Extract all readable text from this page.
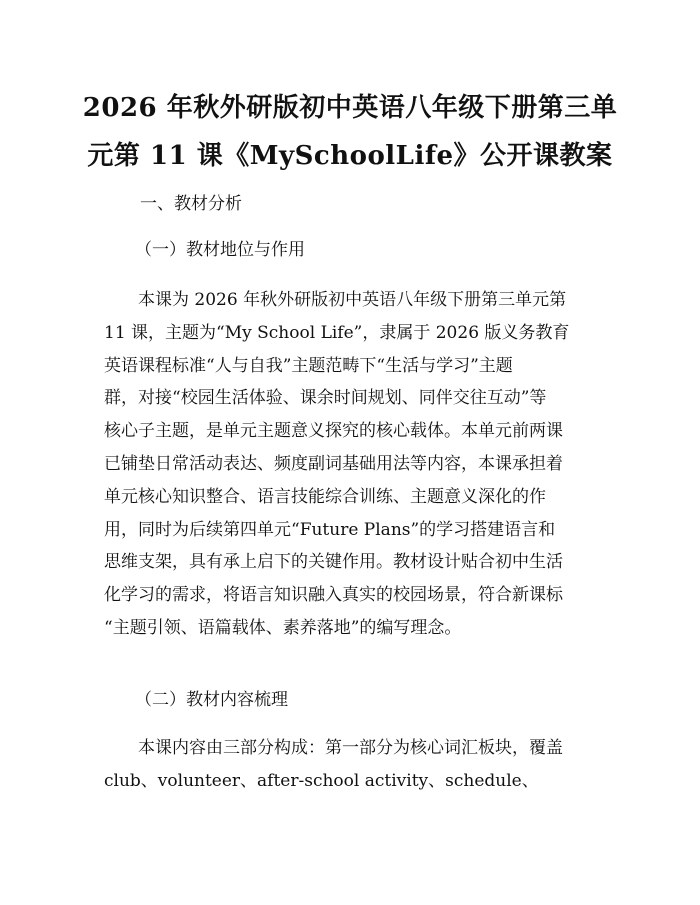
2026 年秋外研版初中英语八年级下册第三单
元第 11 课《MySchoolLife》公开课教案
一、教材分析
（一）教材地位与作用
　　本课为 2026 年秋外研版初中英语八年级下册第三单元第
11 课，主题为“My School Life”，隶属于 2026 版义务教育
英语课程标准“人与自我”主题范畴下“生活与学习”主题
群，对接“校园生活体验、课余时间规划、同伴交往互动”等
核心子主题，是单元主题意义探究的核心载体。本单元前两课
已铺垫日常活动表达、频度副词基础用法等内容，本课承担着
单元核心知识整合、语言技能综合训练、主题意义深化的作
用，同时为后续第四单元“Future Plans”的学习搭建语言和
思维支架，具有承上启下的关键作用。教材设计贴合初中生活
化学习的需求，将语言知识融入真实的校园场景，符合新课标
“主题引领、语篇载体、素养落地”的编写理念。
（二）教材内容梳理
　　本课内容由三部分构成：第一部分为核心词汇板块，覆盖
club、volunteer、after-school activity、schedule、
